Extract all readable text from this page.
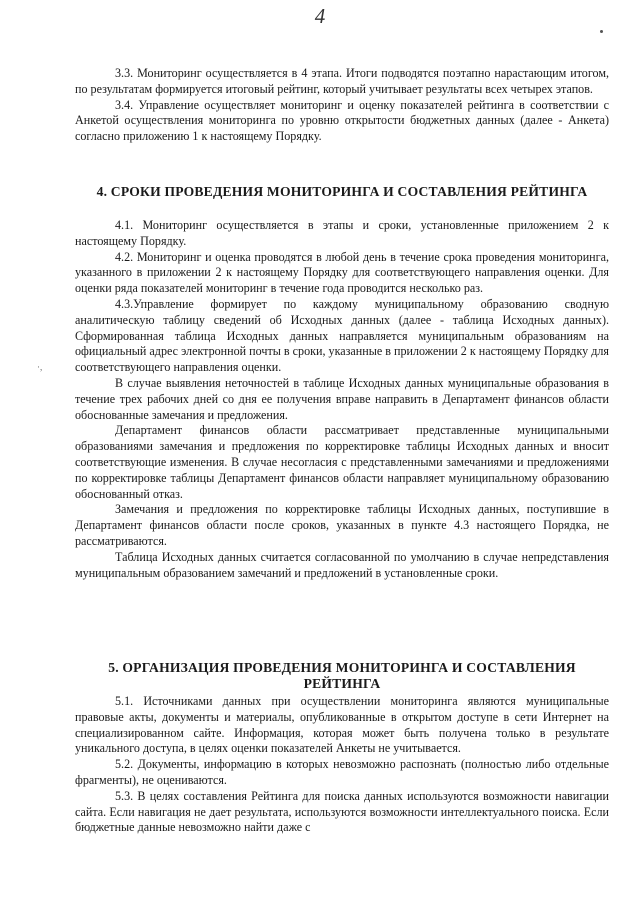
4
·,

3.3. Мониторинг осуществляется в 4 этапа. Итоги подводятся поэтапно нарастающим итогом, по результатам формируется итоговый рейтинг, который учитывает результаты всех четырех этапов.

3.4. Управление осуществляет мониторинг и оценку показателей рейтинга в соответствии с Анкетой осуществления мониторинга по уровню открытости бюджетных данных (далее - Анкета) согласно приложению 1 к настоящему Порядку.

4. СРОКИ ПРОВЕДЕНИЯ МОНИТОРИНГА И СОСТАВЛЕНИЯ РЕЙТИНГА

4.1. Мониторинг осуществляется в этапы и сроки, установленные приложением 2 к настоящему Порядку.

4.2. Мониторинг и оценка проводятся в любой день в течение срока проведения мониторинга, указанного в приложении 2 к настоящему Порядку для соответствующего направления оценки. Для оценки ряда показателей мониторинг в течение года проводится несколько раз.

4.3.Управление формирует по каждому муниципальному образованию сводную аналитическую таблицу сведений об Исходных данных (далее - таблица Исходных данных). Сформированная таблица Исходных данных направляется муниципальным образованиям на официальный адрес электронной почты в сроки, указанные в приложении 2 к настоящему Порядку для соответствующего направления оценки.

В случае выявления неточностей в таблице Исходных данных муниципальные образования в течение трех рабочих дней со дня ее получения вправе направить в Департамент финансов области обоснованные замечания и предложения.

Департамент финансов области рассматривает представленные муниципальными образованиями замечания и предложения по корректировке таблицы Исходных данных и вносит соответствующие изменения. В случае несогласия с представленными замечаниями и предложениями по корректировке таблицы Департамент финансов области направляет муниципальному образованию обоснованный отказ.

Замечания и предложения по корректировке таблицы Исходных данных, поступившие в Департамент финансов области после сроков, указанных в пункте 4.3 настоящего Порядка, не рассматриваются.

Таблица Исходных данных считается согласованной по умолчанию в случае непредставления муниципальным образованием замечаний и предложений в установленные сроки.

5. ОРГАНИЗАЦИЯ ПРОВЕДЕНИЯ МОНИТОРИНГА И СОСТАВЛЕНИЯ РЕЙТИНГА

5.1. Источниками данных при осуществлении мониторинга являются муниципальные правовые акты, документы и материалы, опубликованные в открытом доступе в сети Интернет на специализированном сайте. Информация, которая может быть получена только в результате уникального доступа, в целях оценки показателей Анкеты не учитывается.

5.2. Документы, информацию в которых невозможно распознать (полностью либо отдельные фрагменты), не оцениваются.

5.3. В целях составления Рейтинга для поиска данных используются возможности навигации сайта. Если навигация не дает результата, используются возможности интеллектуального поиска. Если бюджетные данные невозможно найти даже с
